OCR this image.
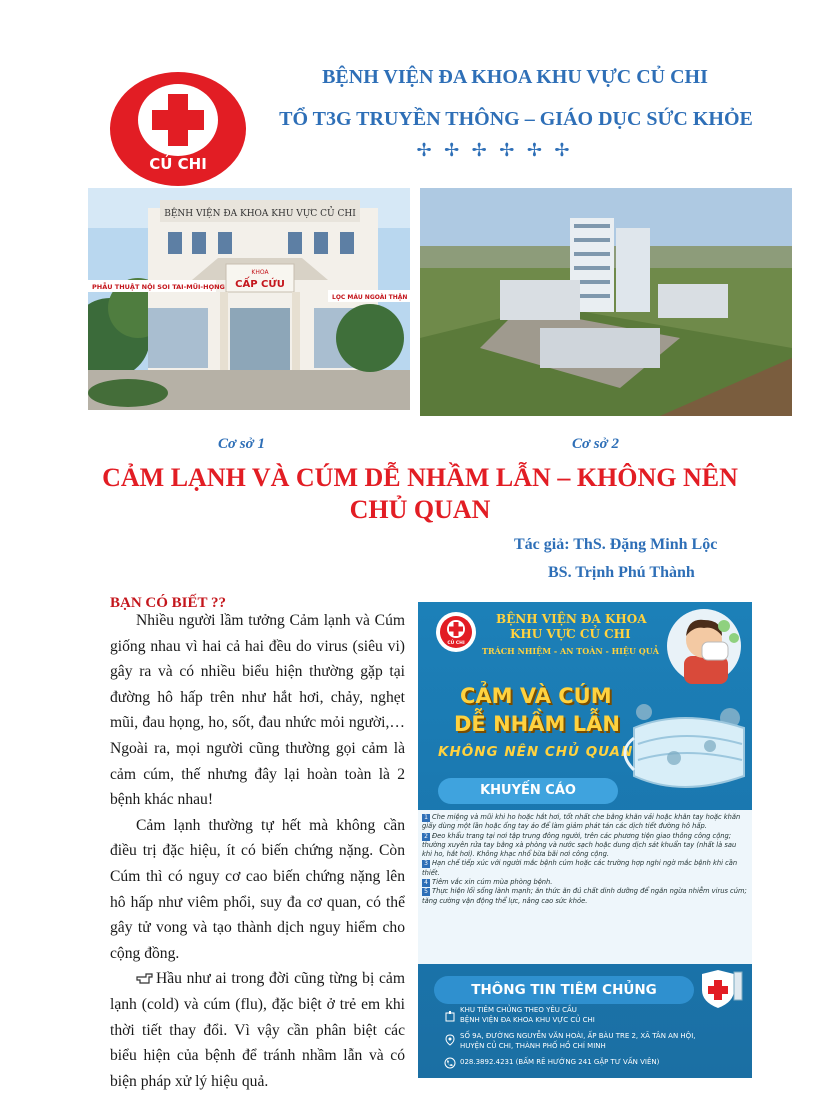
CỦ CHI
BỆNH VIỆN ĐA KHOA KHU VỰC CỦ CHI
TỔ T3G TRUYỀN THÔNG – GIÁO DỤC SỨC KHỎE
✢ ✢ ✢ ✢ ✢ ✢
BỆNH VIỆN ĐA KHOA KHU VỰC CỦ CHI
KHOA
CẤP CỨU
PHẪU THUẬT NỘI SOI TAI-MŨI-HỌNG
LỌC MÁU NGOÀI THẬN
Cơ sở 1	Cơ sở 2
CẢM LẠNH VÀ CÚM DỄ NHẦM LẪN – KHÔNG NÊN
CHỦ QUAN
Tác giả: ThS. Đặng Minh Lộc
BS. Trịnh Phú Thành
BẠN CÓ BIẾT ??

Nhiều người lầm tưởng Cảm lạnh và Cúm giống nhau vì hai cả hai đều do virus (siêu vi) gây ra và có nhiều biểu hiện thường gặp tại đường hô hấp trên như hắt hơi, chảy, nghẹt mũi, đau họng, ho, sốt, đau nhức mỏi người,… Ngoài ra, mọi người cũng thường gọi cảm là cảm cúm, thế nhưng đây lại hoàn toàn là 2 bệnh khác nhau!

Cảm lạnh thường tự hết mà không cần điều trị đặc hiệu, ít có biến chứng nặng. Còn Cúm thì có nguy cơ cao biến chứng nặng lên hô hấp như viêm phổi, suy đa cơ quan, có thể gây tử vong và tạo thành dịch nguy hiểm cho cộng đồng.

Hầu như ai trong đời cũng từng bị cảm lạnh (cold) và cúm (flu), đặc biệt ở trẻ em khi thời tiết thay đổi. Vì vậy cần phân biệt các biểu hiện của bệnh để tránh nhầm lẫn và có biện pháp xử lý hiệu quả.

CỦ CHI
BỆNH VIỆN ĐA KHOA
KHU VỰC CỦ CHI
TRÁCH NHIỆM - AN TOÀN - HIỆU QUẢ
CẢM VÀ CÚM
DỄ NHẦM LẪN
KHÔNG NÊN CHỦ QUAN
KHUYẾN CÁO
1 Che miệng và mũi khi ho hoặc hắt hơi, tốt nhất che bằng khăn vải hoặc khăn tay hoặc khăn giấy dùng một lần hoặc ống tay áo để làm giảm phát tán các dịch tiết đường hô hấp.
2 Đeo khẩu trang tại nơi tập trung đông người, trên các phương tiện giao thông công cộng; thường xuyên rửa tay bằng xà phòng và nước sạch hoặc dung dịch sát khuẩn tay (nhất là sau khi ho, hắt hơi). Không khạc nhổ bừa bãi nơi công cộng.
3 Hạn chế tiếp xúc với người mắc bệnh cúm hoặc các trường hợp nghi ngờ mắc bệnh khi cần thiết.
4 Tiêm vắc xin cúm mùa phòng bệnh.
5 Thực hiện lối sống lành mạnh; ăn thức ăn đủ chất dinh dưỡng để ngăn ngừa nhiễm virus cúm; tăng cường vận động thể lực, nâng cao sức khỏe.
THÔNG TIN TIÊM CHỦNG
KHU TIÊM CHỦNG THEO YÊU CẦU
BỆNH VIỆN ĐA KHOA KHU VỰC CỦ CHI
SỐ 9A, ĐƯỜNG NGUYỄN VĂN HOÀI, ẤP BÀU TRE 2, XÃ TÂN AN HỘI,
HUYỆN CỦ CHI, THÀNH PHỐ HỒ CHÍ MINH
028.3892.4231 (BẤM RẼ HƯỚNG 241 GẶP TƯ VẤN VIÊN)
